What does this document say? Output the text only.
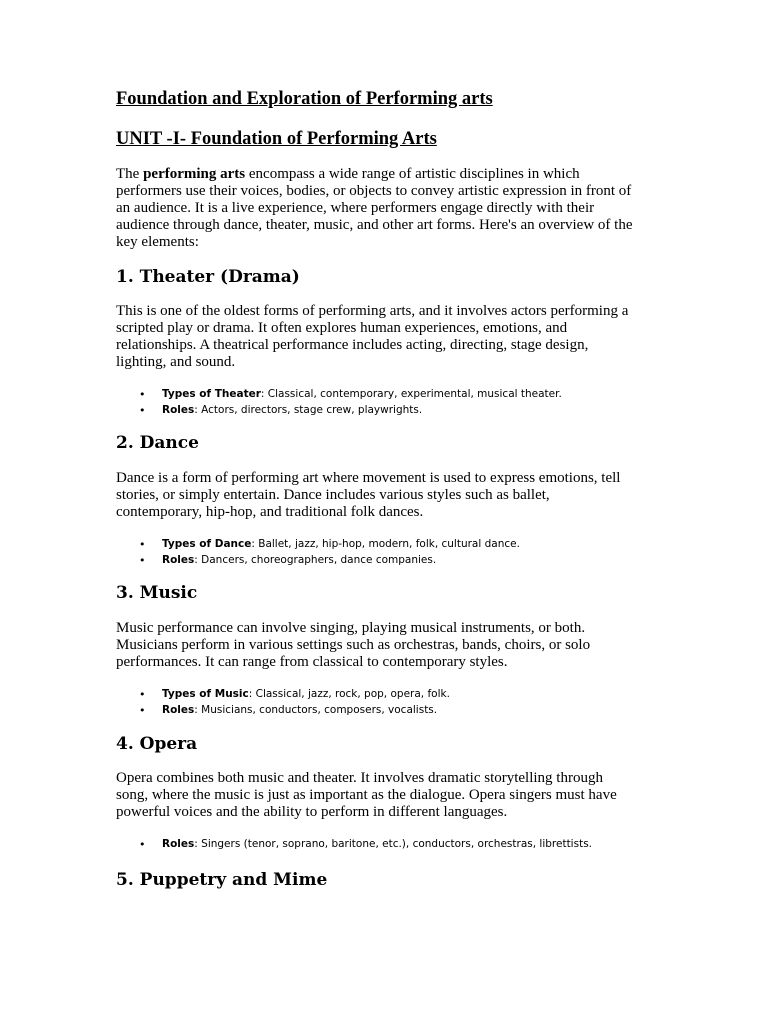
Foundation and Exploration of Performing arts
UNIT -I- Foundation of Performing Arts

The performing arts encompass a wide range of artistic disciplines in which
performers use their voices, bodies, or objects to convey artistic expression in front of
an audience. It is a live experience, where performers engage directly with their
audience through dance, theater, music, and other art forms. Here's an overview of the
key elements:

1. Theater (Drama)

This is one of the oldest forms of performing arts, and it involves actors performing a
scripted play or drama. It often explores human experiences, emotions, and
relationships. A theatrical performance includes acting, directing, stage design,
lighting, and sound.

• Types of Theater: Classical, contemporary, experimental, musical theater.
• Roles: Actors, directors, stage crew, playwrights.
2. Dance

Dance is a form of performing art where movement is used to express emotions, tell
stories, or simply entertain. Dance includes various styles such as ballet,
contemporary, hip-hop, and traditional folk dances.

• Types of Dance: Ballet, jazz, hip-hop, modern, folk, cultural dance.
• Roles: Dancers, choreographers, dance companies.
3. Music

Music performance can involve singing, playing musical instruments, or both.
Musicians perform in various settings such as orchestras, bands, choirs, or solo
performances. It can range from classical to contemporary styles.

• Types of Music: Classical, jazz, rock, pop, opera, folk.
• Roles: Musicians, conductors, composers, vocalists.
4. Opera

Opera combines both music and theater. It involves dramatic storytelling through
song, where the music is just as important as the dialogue. Opera singers must have
powerful voices and the ability to perform in different languages.

• Roles: Singers (tenor, soprano, baritone, etc.), conductors, orchestras, librettists.
5. Puppetry and Mime
